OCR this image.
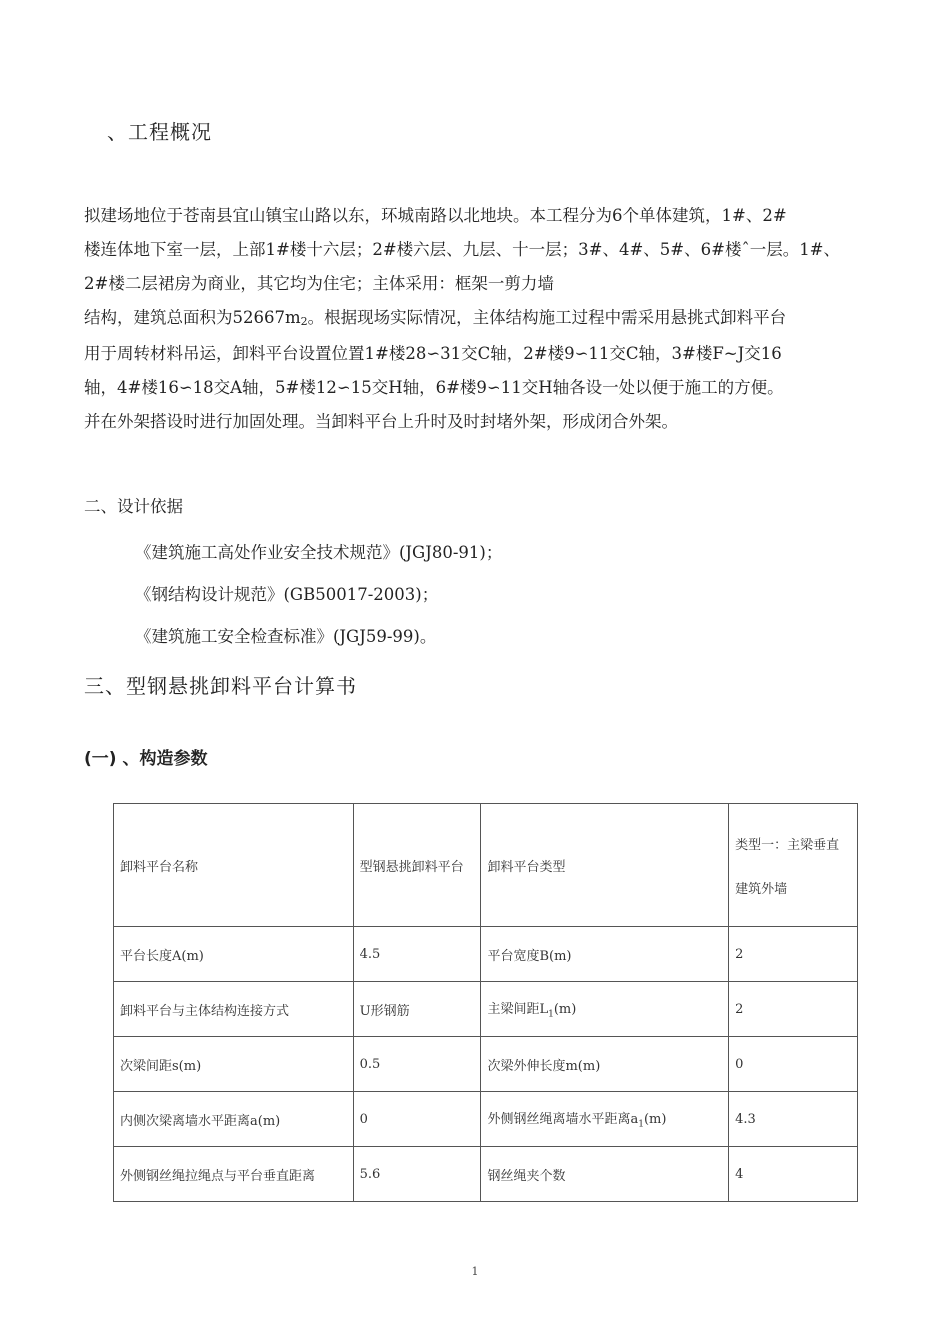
、工程概况
拟建场地位于苍南县宜山镇宝山路以东，环城南路以北地块。本工程分为6个单体建筑，1#、2#
楼连体地下室一层，上部1#楼十六层；2#楼六层、九层、十一层；3#、4#、5#、6#楼ˆ一层。1#、
2#楼二层裙房为商业，其它均为住宅；主体采用：框架一剪力墙
结构，建筑总面积为$52667m_2$。根据现场实际情况，主体结构施工过程中需采用悬挑式卸料平台
用于周转材料吊运，卸料平台设置位置1#楼28∽31交C轴，2#楼9∽11交C轴，3#楼F~J交16
轴，4#楼16∽18交A轴，5#楼12∽15交H轴，6#楼9∽11交H轴各设一处以便于施工的方便。
并在外架搭设时进行加固处理。当卸料平台上升时及时封堵外架，形成闭合外架。
二、设计依据
《建筑施工高处作业安全技术规范》(JGJ80-91)；
《钢结构设计规范》(GB50017-2003)；
《建筑施工安全检查标准》(JGJ59-99)。
三、型钢悬挑卸料平台计算书
(一) 、构造参数
卸料平台名称	型钢悬挑卸料平台	卸料平台类型	类型一：主梁垂直
建筑外墙
平台长度A(m)	4.5	平台宽度B(m)	2
卸料平台与主体结构连接方式	U形钢筋	主梁间距$L_1(m)$	2
次梁间距s(m)	0.5	次梁外伸长度m(m)	0
内侧次梁离墙水平距离a(m)	0	外侧钢丝绳离墙水平距离$a_1(m)$	4.3
外侧钢丝绳拉绳点与平台垂直距离	5.6	钢丝绳夹个数	4
1
